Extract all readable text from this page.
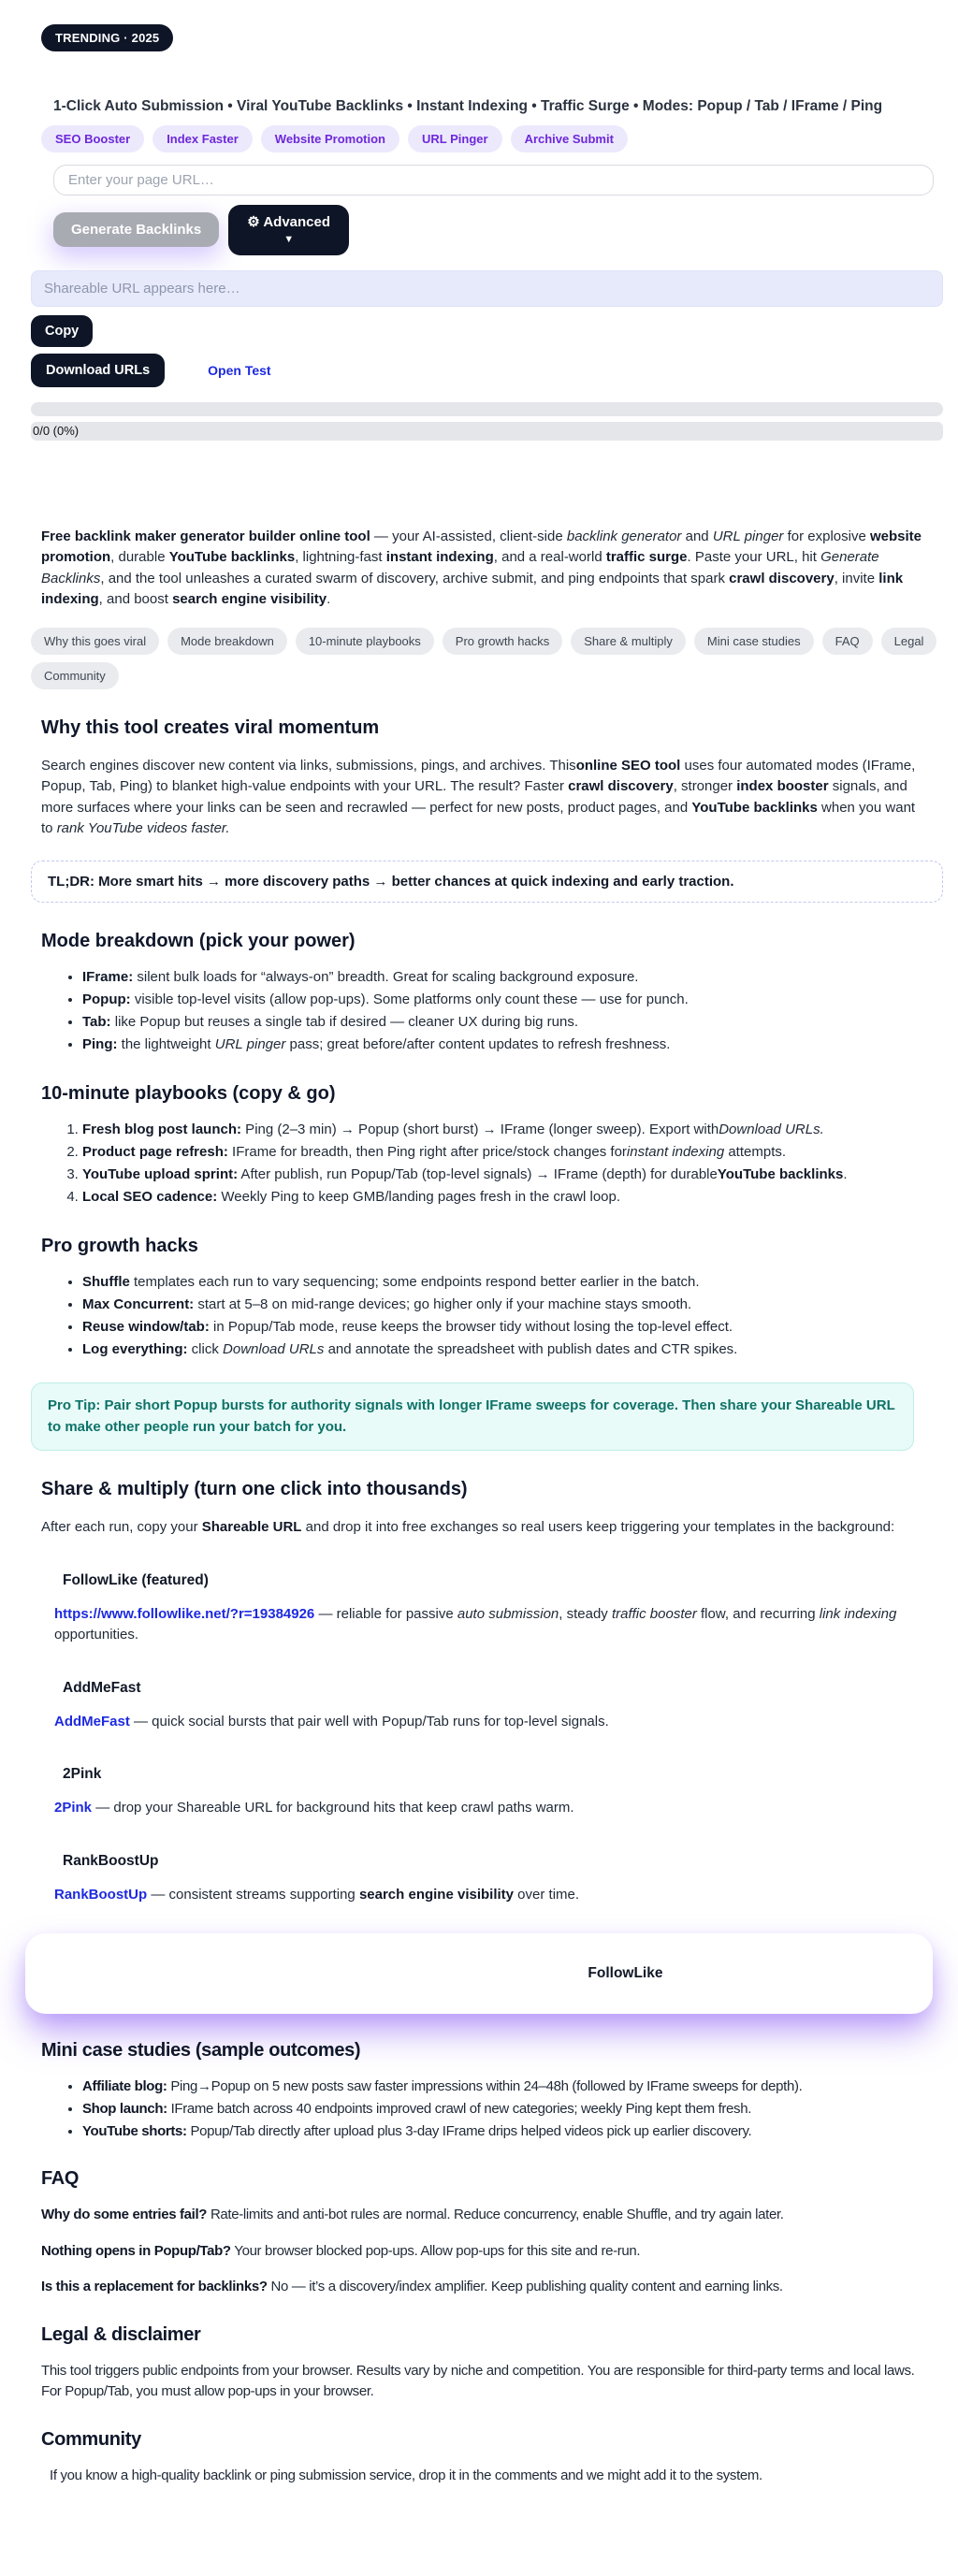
TRENDING · 2025
1-Click Auto Submission • Viral YouTube Backlinks • Instant Indexing • Traffic Surge • Modes: Popup / Tab / IFrame / Ping
SEO Booster	Index Faster	Website Promotion	URL Pinger	Archive Submit
Enter your page URL…
Generate Backlinks	⚙ Advanced
▼
Shareable URL appears here… Copy
Download URLs	Open Test
0/0 (0%)

Free backlink maker generator builder online tool — your AI-assisted, client-side backlink generator and URL pinger for explosive website promotion, durable YouTube backlinks, lightning-fast instant indexing, and a real-world traffic surge. Paste your URL, hit Generate Backlinks, and the tool unleashes a curated swarm of discovery, archive submit, and ping endpoints that spark crawl discovery, invite link indexing, and boost search engine visibility.

Why this goes viral	Mode breakdown	10-minute playbooks	Pro growth hacks	Share & multiply	Mini case studies	FAQ	Legal
Community
Why this tool creates viral momentum

Search engines discover new content via links, submissions, pings, and archives. Thisonline SEO tool uses four automated modes (IFrame, Popup, Tab, Ping) to blanket high-value endpoints with your URL. The result? Faster crawl discovery, stronger index booster signals, and more surfaces where your links can be seen and recrawled — perfect for new posts, product pages, and YouTube backlinks when you want to rank YouTube videos faster.

TL;DR: More smart hits → more discovery paths → better chances at quick indexing and early traction.
Mode breakdown (pick your power)
• IFrame: silent bulk loads for “always-on” breadth. Great for scaling background exposure.
• Popup: visible top-level visits (allow pop-ups). Some platforms only count these — use for punch.
• Tab: like Popup but reuses a single tab if desired — cleaner UX during big runs.
• Ping: the lightweight URL pinger pass; great before/after content updates to refresh freshness.
10-minute playbooks (copy & go)
1. Fresh blog post launch: Ping (2–3 min) → Popup (short burst) → IFrame (longer sweep). Export withDownload URLs.
2. Product page refresh: IFrame for breadth, then Ping right after price/stock changes forinstant indexing attempts.
3. YouTube upload sprint: After publish, run Popup/Tab (top-level signals) → IFrame (depth) for durableYouTube backlinks.
4. Local SEO cadence: Weekly Ping to keep GMB/landing pages fresh in the crawl loop.
Pro growth hacks
• Shuffle templates each run to vary sequencing; some endpoints respond better earlier in the batch.
• Max Concurrent: start at 5–8 on mid-range devices; go higher only if your machine stays smooth.
• Reuse window/tab: in Popup/Tab mode, reuse keeps the browser tidy without losing the top-level effect.
• Log everything: click Download URLs and annotate the spreadsheet with publish dates and CTR spikes.
Pro Tip: Pair short Popup bursts for authority signals with longer IFrame sweeps for coverage. Then share your Shareable URL to make other people run your batch for you.
Share & multiply (turn one click into thousands)

After each run, copy your Shareable URL and drop it into free exchanges so real users keep triggering your templates in the background:

FollowLike (featured)

https://www.followlike.net/?r=19384926 — reliable for passive auto submission, steady traffic booster flow, and recurring link indexing opportunities.

AddMeFast

AddMeFast — quick social bursts that pair well with Popup/Tab runs for top-level signals.

2Pink

2Pink — drop your Shareable URL for background hits that keep crawl paths warm.

RankBoostUp

RankBoostUp — consistent streams supporting search engine visibility over time.

FollowLike
Mini case studies (sample outcomes)
• Affiliate blog: Ping→Popup on 5 new posts saw faster impressions within 24–48h (followed by IFrame sweeps for depth).
• Shop launch: IFrame batch across 40 endpoints improved crawl of new categories; weekly Ping kept them fresh.
• YouTube shorts: Popup/Tab directly after upload plus 3-day IFrame drips helped videos pick up earlier discovery.
FAQ

Why do some entries fail? Rate-limits and anti-bot rules are normal. Reduce concurrency, enable Shuffle, and try again later.

Nothing opens in Popup/Tab? Your browser blocked pop-ups. Allow pop-ups for this site and re-run.

Is this a replacement for backlinks? No — it’s a discovery/index amplifier. Keep publishing quality content and earning links.

Legal & disclaimer

This tool triggers public endpoints from your browser. Results vary by niche and competition. You are responsible for third-party terms and local laws. For Popup/Tab, you must allow pop-ups in your browser.

Community

If you know a high-quality backlink or ping submission service, drop it in the comments and we might add it to the system.
